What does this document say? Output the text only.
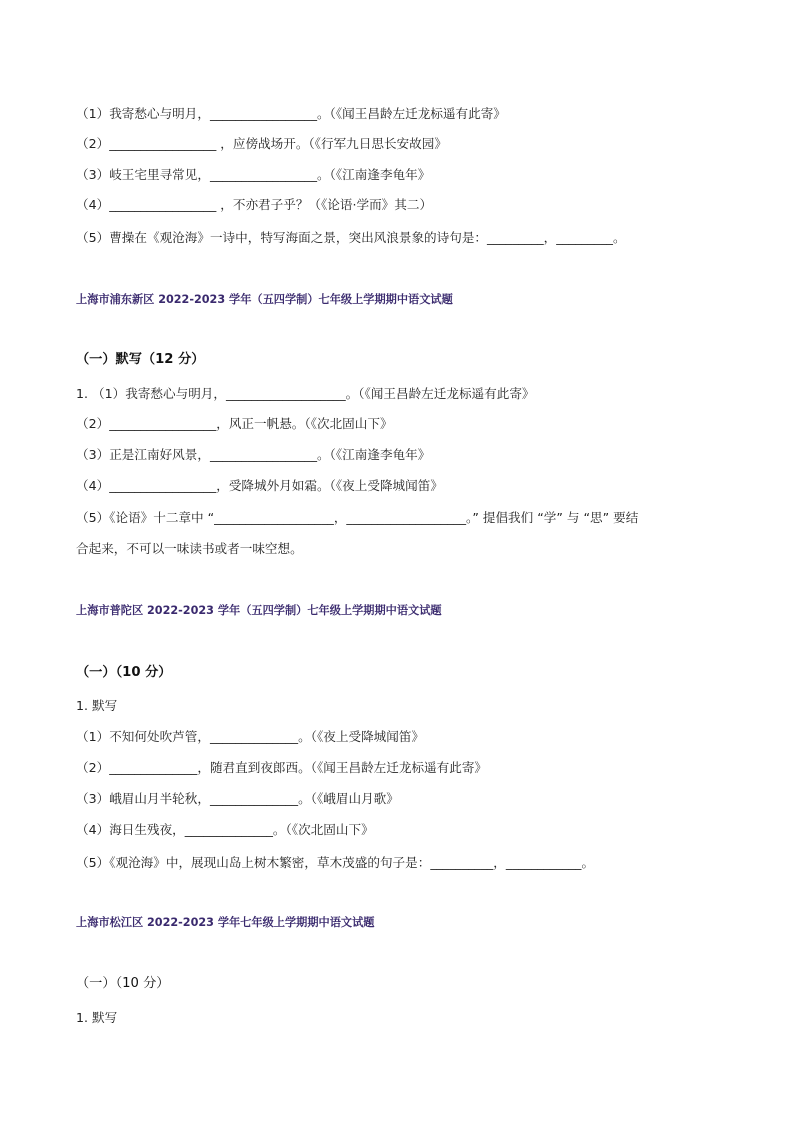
（1）我寄愁心与明月，_________________。（《闻王昌龄左迁龙标遥有此寄》
（2）_________________ ，应傍战场开。（《行军九日思长安故园》
（3）岐王宅里寻常见，_________________。（《江南逢李龟年》
（4）_________________ ，不亦君子乎？（《论语·学而》其二）
（5）曹操在《观沧海》一诗中，特写海面之景，突出风浪景象的诗句是：_________，_________。
上海市浦东新区 2022-2023 学年（五四学制）七年级上学期期中语文试题
（一）默写（12 分）
1. （1）我寄愁心与明月，___________________。（《闻王昌龄左迁龙标遥有此寄》
（2）_________________，风正一帆悬。（《次北固山下》
（3）正是江南好风景，_________________。（《江南逢李龟年》
（4）_________________，受降城外月如霜。（《夜上受降城闻笛》
（5）《论语》十二章中 “___________________，___________________。” 提倡我们 “学” 与 “思” 要结
合起来，不可以一味读书或者一味空想。
上海市普陀区 2022-2023 学年（五四学制）七年级上学期期中语文试题
（一）（10 分）
1. 默写
（1）不知何处吹芦管，______________。（《夜上受降城闻笛》
（2）______________，随君直到夜郎西。（《闻王昌龄左迁龙标遥有此寄》
（3）峨眉山月半轮秋，______________。（《峨眉山月歌》
（4）海日生残夜，______________。（《次北固山下》
（5）《观沧海》中，展现山岛上树木繁密，草木茂盛的句子是：__________，____________。
上海市松江区 2022-2023 学年七年级上学期期中语文试题
（一）（10 分）
1. 默写
